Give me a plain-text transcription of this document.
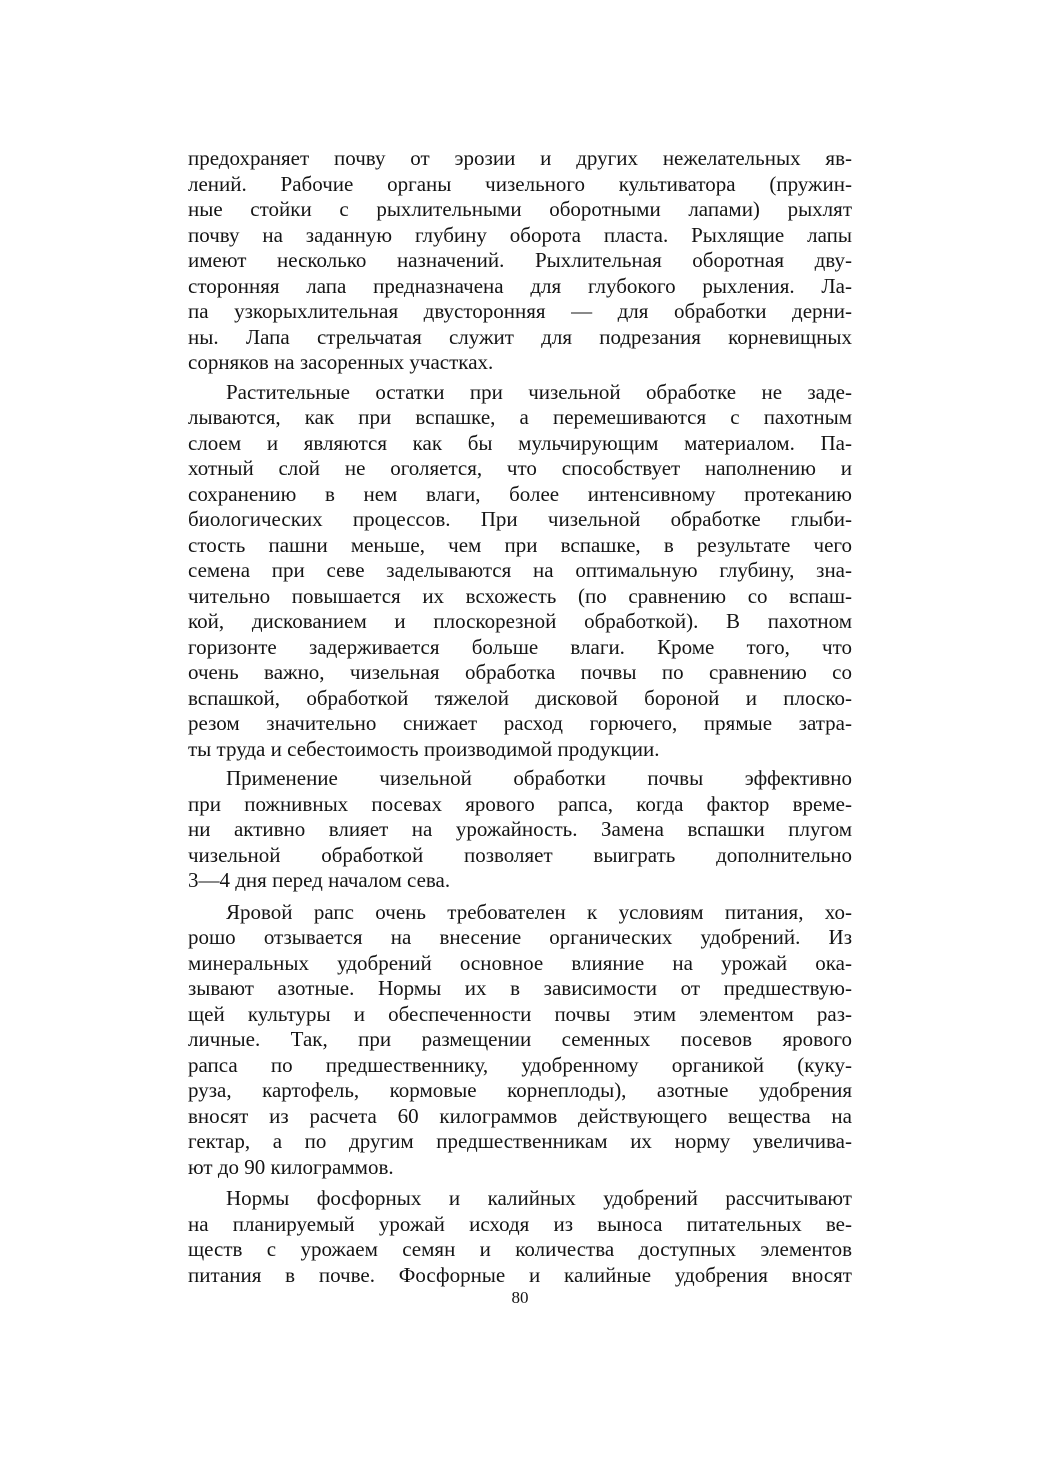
предохраняет почву от эрозии и других нежелательных яв-
лений. Рабочие органы чизельного культиватора (пружин-
ные стойки с рыхлительными оборотными лапами) рыхлят
почву на заданную глубину оборота пласта. Рыхлящие лапы
имеют несколько назначений. Рыхлительная оборотная дву-
сторонняя лапа предназначена для глубокого рыхления. Ла-
па узкорыхлительная двусторонняя — для обработки дерни-
ны. Лапа стрельчатая служит для подрезания корневищных
сорняков на засоренных участках.
Растительные остатки при чизельной обработке не заде-
лываются, как при вспашке, а перемешиваются с пахотным
слоем и являются как бы мульчирующим материалом. Па-
хотный слой не оголяется, что способствует наполнению и
сохранению в нем влаги, более интенсивному протеканию
биологических процессов. При чизельной обработке глыби-
стость пашни меньше, чем при вспашке, в результате чего
семена при севе заделываются на оптимальную глубину, зна-
чительно повышается их всхожесть (по сравнению со вспаш-
кой, дискованием и плоскорезной обработкой). В пахотном
горизонте задерживается больше влаги. Кроме того, что
очень важно, чизельная обработка почвы по сравнению со
вспашкой, обработкой тяжелой дисковой бороной и плоско-
резом значительно снижает расход горючего, прямые затра-
ты труда и себестоимость производимой продукции.
Применение чизельной обработки почвы эффективно
при пожнивных посевах ярового рапса, когда фактор време-
ни активно влияет на урожайность. Замена вспашки плугом
чизельной обработкой позволяет выиграть дополнительно
3—4 дня перед началом сева.
Яровой рапс очень требователен к условиям питания, хо-
рошо отзывается на внесение органических удобрений. Из
минеральных удобрений основное влияние на урожай ока-
зывают азотные. Нормы их в зависимости от предшествую-
щей культуры и обеспеченности почвы этим элементом раз-
личные. Так, при размещении семенных посевов ярового
рапса по предшественнику, удобренному органикой (куку-
руза, картофель, кормовые корнеплоды), азотные удобрения
вносят из расчета 60 килограммов действующего вещества на
гектар, а по другим предшественникам их норму увеличива-
ют до 90 килограммов.
Нормы фосфорных и калийных удобрений рассчитывают
на планируемый урожай исходя из выноса питательных ве-
ществ с урожаем семян и количества доступных элементов
питания в почве. Фосфорные и калийные удобрения вносят
80
